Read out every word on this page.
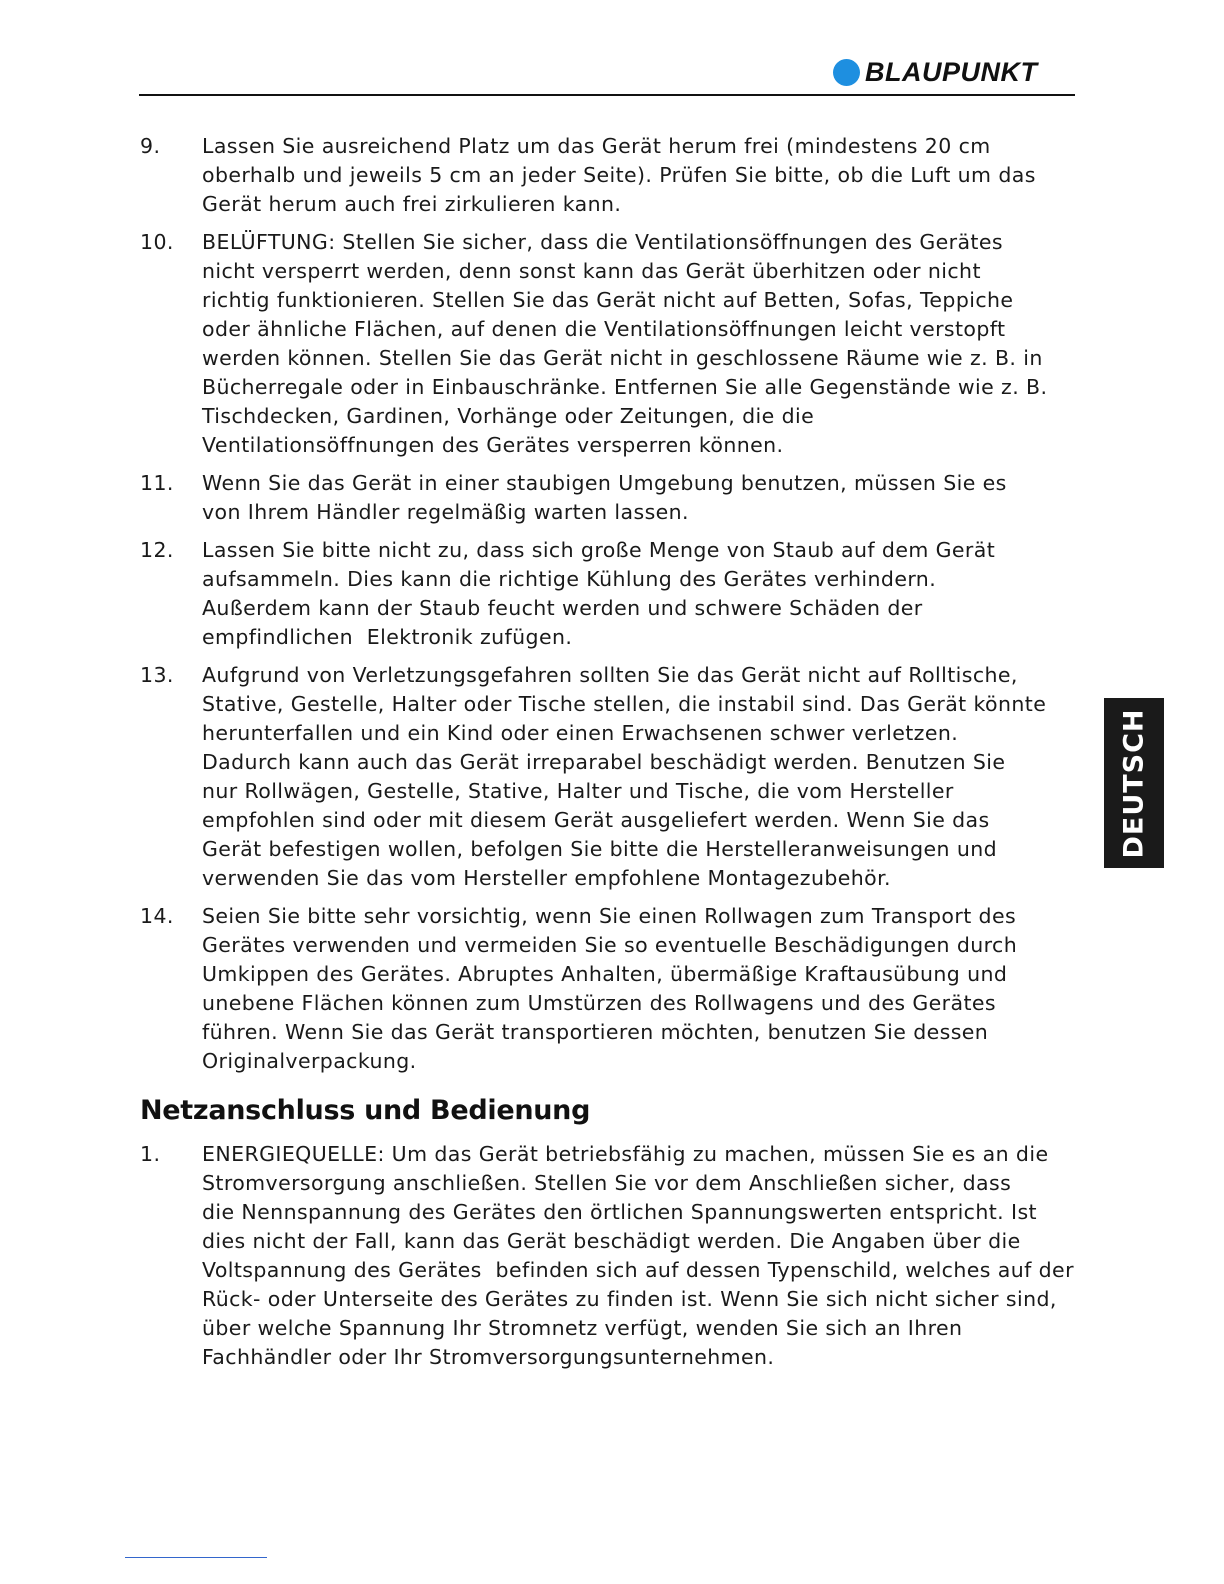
BLAUPUNKT
9.	Lassen Sie ausreichend Platz um das Gerät herum frei (mindestens 20 cm
oberhalb und jeweils 5 cm an jeder Seite). Prüfen Sie bitte, ob die Luft um das
Gerät herum auch frei zirkulieren kann.
10.	BELÜFTUNG: Stellen Sie sicher, dass die Ventilationsöffnungen des Gerätes
nicht versperrt werden, denn sonst kann das Gerät überhitzen oder nicht
richtig funktionieren. Stellen Sie das Gerät nicht auf Betten, Sofas, Teppiche
oder ähnliche Flächen, auf denen die Ventilationsöffnungen leicht verstopft
werden können. Stellen Sie das Gerät nicht in geschlossene Räume wie z. B. in
Bücherregale oder in Einbauschränke. Entfernen Sie alle Gegenstände wie z. B.
Tischdecken, Gardinen, Vorhänge oder Zeitungen, die die
Ventilationsöffnungen des Gerätes versperren können.
11.	Wenn Sie das Gerät in einer staubigen Umgebung benutzen, müssen Sie es
von Ihrem Händler regelmäßig warten lassen.
12.	Lassen Sie bitte nicht zu, dass sich große Menge von Staub auf dem Gerät
aufsammeln. Dies kann die richtige Kühlung des Gerätes verhindern.
Außerdem kann der Staub feucht werden und schwere Schäden der
empfindlichen  Elektronik zufügen.
13.	Aufgrund von Verletzungsgefahren sollten Sie das Gerät nicht auf Rolltische,
Stative, Gestelle, Halter oder Tische stellen, die instabil sind. Das Gerät könnte
herunterfallen und ein Kind oder einen Erwachsenen schwer verletzen.
Dadurch kann auch das Gerät irreparabel beschädigt werden. Benutzen Sie
nur Rollwägen, Gestelle, Stative, Halter und Tische, die vom Hersteller
empfohlen sind oder mit diesem Gerät ausgeliefert werden. Wenn Sie das
Gerät befestigen wollen, befolgen Sie bitte die Herstelleranweisungen und
verwenden Sie das vom Hersteller empfohlene Montagezubehör.
14.	Seien Sie bitte sehr vorsichtig, wenn Sie einen Rollwagen zum Transport des
Gerätes verwenden und vermeiden Sie so eventuelle Beschädigungen durch
Umkippen des Gerätes. Abruptes Anhalten, übermäßige Kraftausübung und
unebene Flächen können zum Umstürzen des Rollwagens und des Gerätes
führen. Wenn Sie das Gerät transportieren möchten, benutzen Sie dessen
Originalverpackung.
Netzanschluss und Bedienung
1.	ENERGIEQUELLE: Um das Gerät betriebsfähig zu machen, müssen Sie es an die
Stromversorgung anschließen. Stellen Sie vor dem Anschließen sicher, dass
die Nennspannung des Gerätes den örtlichen Spannungswerten entspricht. Ist
dies nicht der Fall, kann das Gerät beschädigt werden. Die Angaben über die
Voltspannung des Gerätes  befinden sich auf dessen Typenschild, welches auf der
Rück- oder Unterseite des Gerätes zu finden ist. Wenn Sie sich nicht sicher sind,
über welche Spannung Ihr Stromnetz verfügt, wenden Sie sich an Ihren
Fachhändler oder Ihr Stromversorgungsunternehmen.
DEUTSCH
